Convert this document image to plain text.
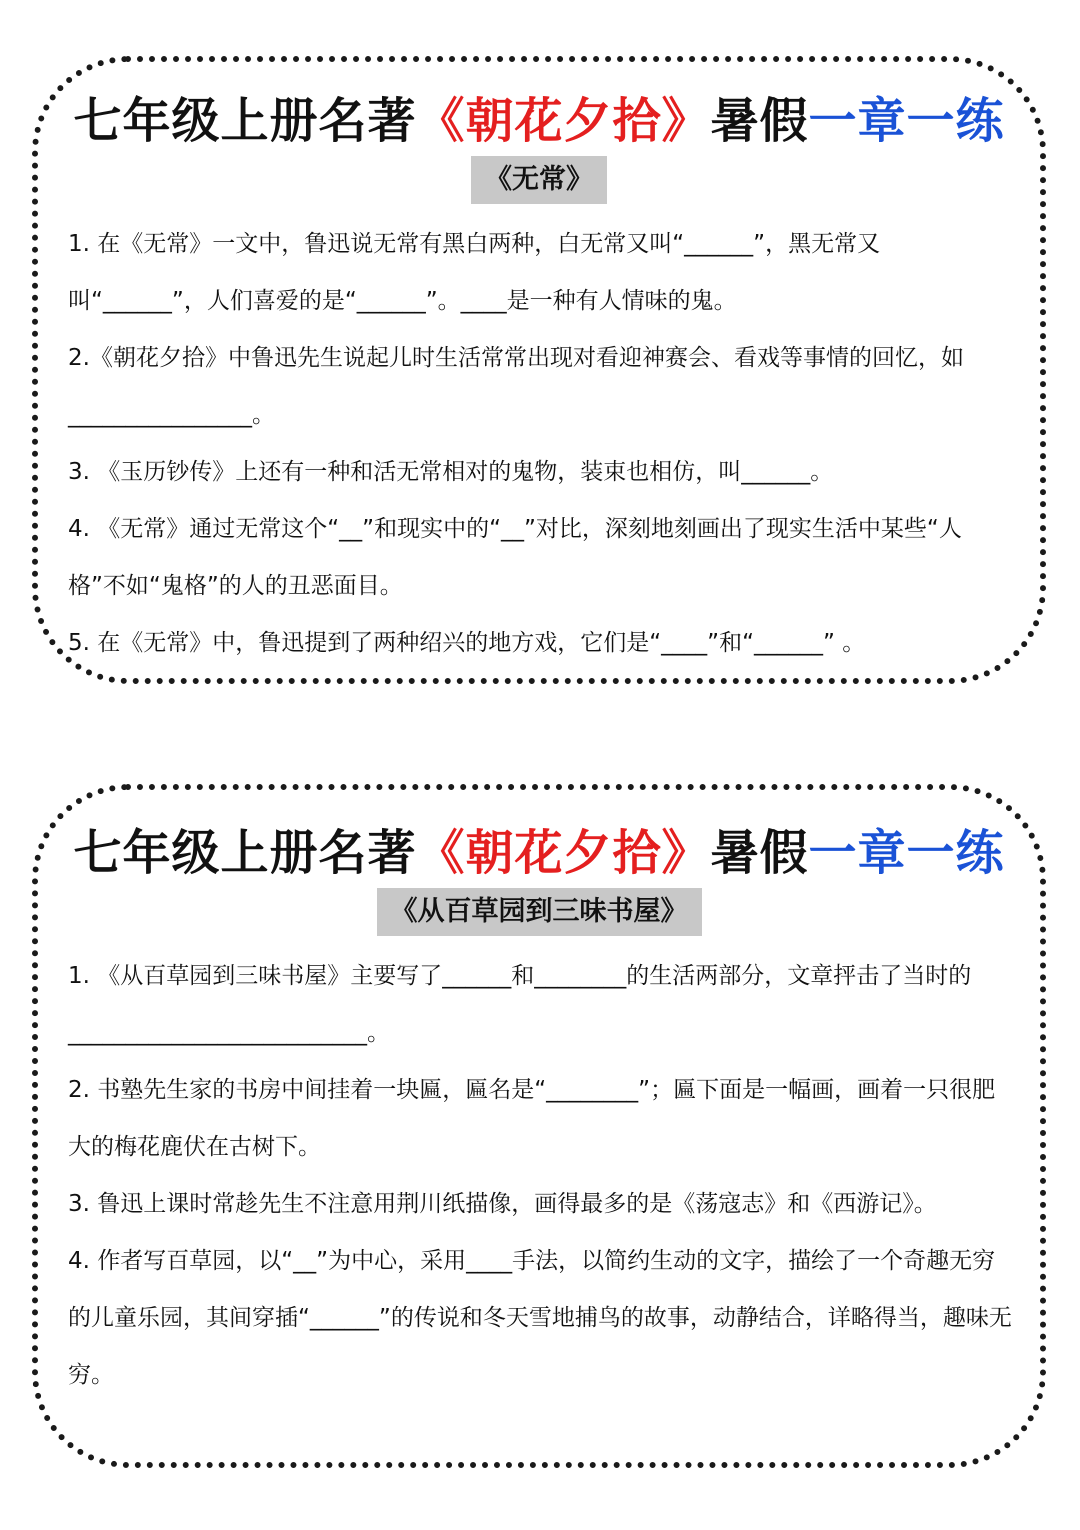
七年级上册名著《朝花夕拾》暑假一章一练
《无常》

1. 在《无常》一文中，鲁迅说无常有黑白两种，白无常又叫“______”，黑无常又叫“______”，人们喜爱的是“______”。____是一种有人情味的鬼。

2.《朝花夕拾》中鲁迅先生说起儿时生活常常出现对看迎神赛会、看戏等事情的回忆，如________________。

3. 《玉历钞传》上还有一种和活无常相对的鬼物，装束也相仿，叫______。

4. 《无常》通过无常这个“__”和现实中的“__”对比，深刻地刻画出了现实生活中某些“人格”不如“鬼格”的人的丑恶面目。

5. 在《无常》中，鲁迅提到了两种绍兴的地方戏，它们是“____”和“______” 。

七年级上册名著《朝花夕拾》暑假一章一练
《从百草园到三味书屋》

1. 《从百草园到三味书屋》主要写了______和________的生活两部分，文章抨击了当时的__________________________。

2. 书塾先生家的书房中间挂着一块匾，匾名是“________”；匾下面是一幅画，画着一只很肥大的梅花鹿伏在古树下。

3. 鲁迅上课时常趁先生不注意用荆川纸描像，画得最多的是《荡寇志》和《西游记》。

4. 作者写百草园，以“__”为中心，采用____手法，以简约生动的文字，描绘了一个奇趣无穷的儿童乐园，其间穿插“______”的传说和冬天雪地捕鸟的故事，动静结合，详略得当，趣味无穷。
